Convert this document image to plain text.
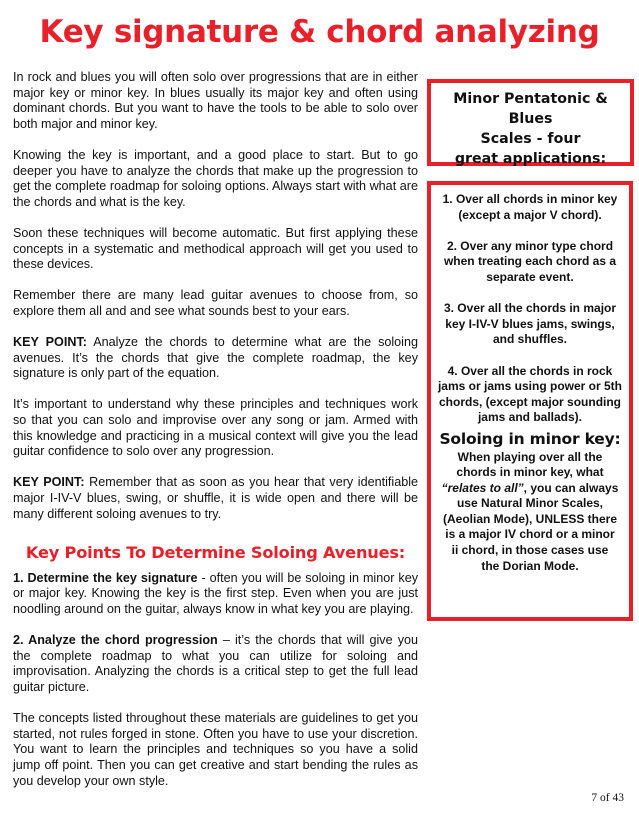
Key signature & chord analyzing

In rock and blues you will often solo over progressions that are in either major key or minor key. In blues usually its major key and often using dominant chords. But you want to have the tools to be able to solo over both major and minor key.

Knowing the key is important, and a good place to start. But to go deeper you have to analyze the chords that make up the progression to get the complete roadmap for soloing options. Always start with what are the chords and what is the key.

Soon these techniques will become automatic. But first applying these concepts in a systematic and methodical approach will get you used to these devices.

Remember there are many lead guitar avenues to choose from, so explore them all and and see what sounds best to your ears.

KEY POINT: Analyze the chords to determine what are the soloing avenues. It’s the chords that give the complete roadmap, the key signature is only part of the equation.

It’s important to understand why these principles and techniques work so that you can solo and improvise over any song or jam. Armed with this knowledge and practicing in a musical context will give you the lead guitar confidence to solo over any progression.

KEY POINT: Remember that as soon as you hear that very identifiable major I-IV-V blues, swing, or shuffle, it is wide open and there will be many different soloing avenues to try.

Key Points To Determine Soloing Avenues:

1. Determine the key signature - often you will be soloing in minor key or major key. Knowing the key is the first step. Even when you are just noodling around on the guitar, always know in what key you are playing.

2. Analyze the chord progression – it’s the chords that will give you the complete roadmap to what you can utilize for soloing and improvisation. Analyzing the chords is a critical step to get the full lead guitar picture.

The concepts listed throughout these materials are guidelines to get you started, not rules forged in stone. Often you have to use your discretion. You want to learn the principles and techniques so you have a solid jump off point. Then you can get creative and start bending the rules as you develop your own style.

Minor Pentatonic & Blues
Scales - four
great applications:
1. Over all chords in minor key (except a major V chord).
2. Over any minor type chord when treating each chord as a separate event.
3. Over all the chords in major key I-IV-V blues jams, swings, and shuffles.
4. Over all the chords in rock jams or jams using power or 5th chords, (except major sounding jams and ballads).
Soloing in minor key:
When playing over all the chords in minor key, what “relates to all”, you can always use Natural Minor Scales, (Aeolian Mode), UNLESS there is a major IV chord or a minor ii chord, in those cases use the Dorian Mode.
7 of 43
